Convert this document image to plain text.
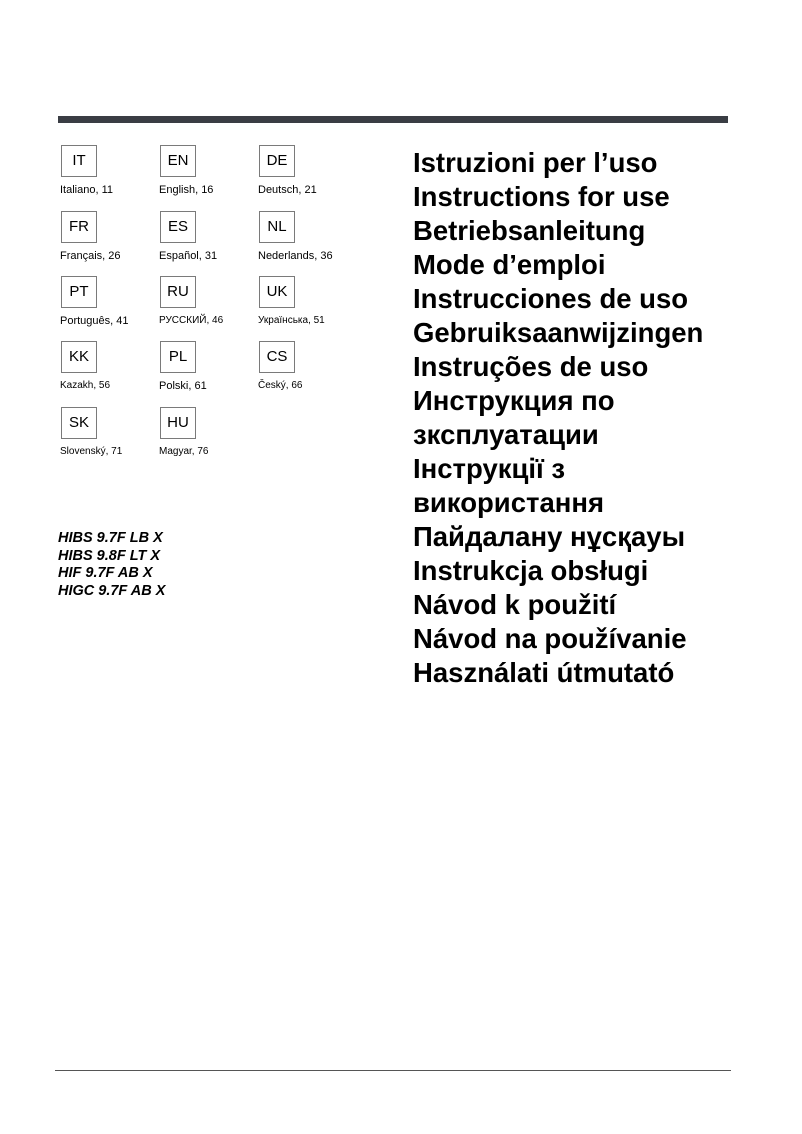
IT
Italiano, 11
EN
English, 16
DE
Deutsch, 21
FR
Français, 26
ES
Español, 31
NL
Nederlands, 36
PT
Português, 41
RU
РУССКИЙ, 46
UK
Українська, 51
KK
Kazakh, 56
PL
Polski, 61
CS
Český, 66
SK
Slovenský, 71
HU
Magyar, 76
HIBS 9.7F LB X
HIBS 9.8F LT X
HIF 9.7F AB X
HIGC 9.7F AB X
Istruzioni per l’uso
Instructions for use
Betriebsanleitung
Mode d’emploi
Instrucciones de uso
Gebruiksaanwijzingen
Instruções de uso
Инструкция по
зксплуатации
Інструкції з
використання
Пайдалану нұсқауы
Instrukcja obsługi
Návod k použití
Návod na používanie
Használati útmutató
